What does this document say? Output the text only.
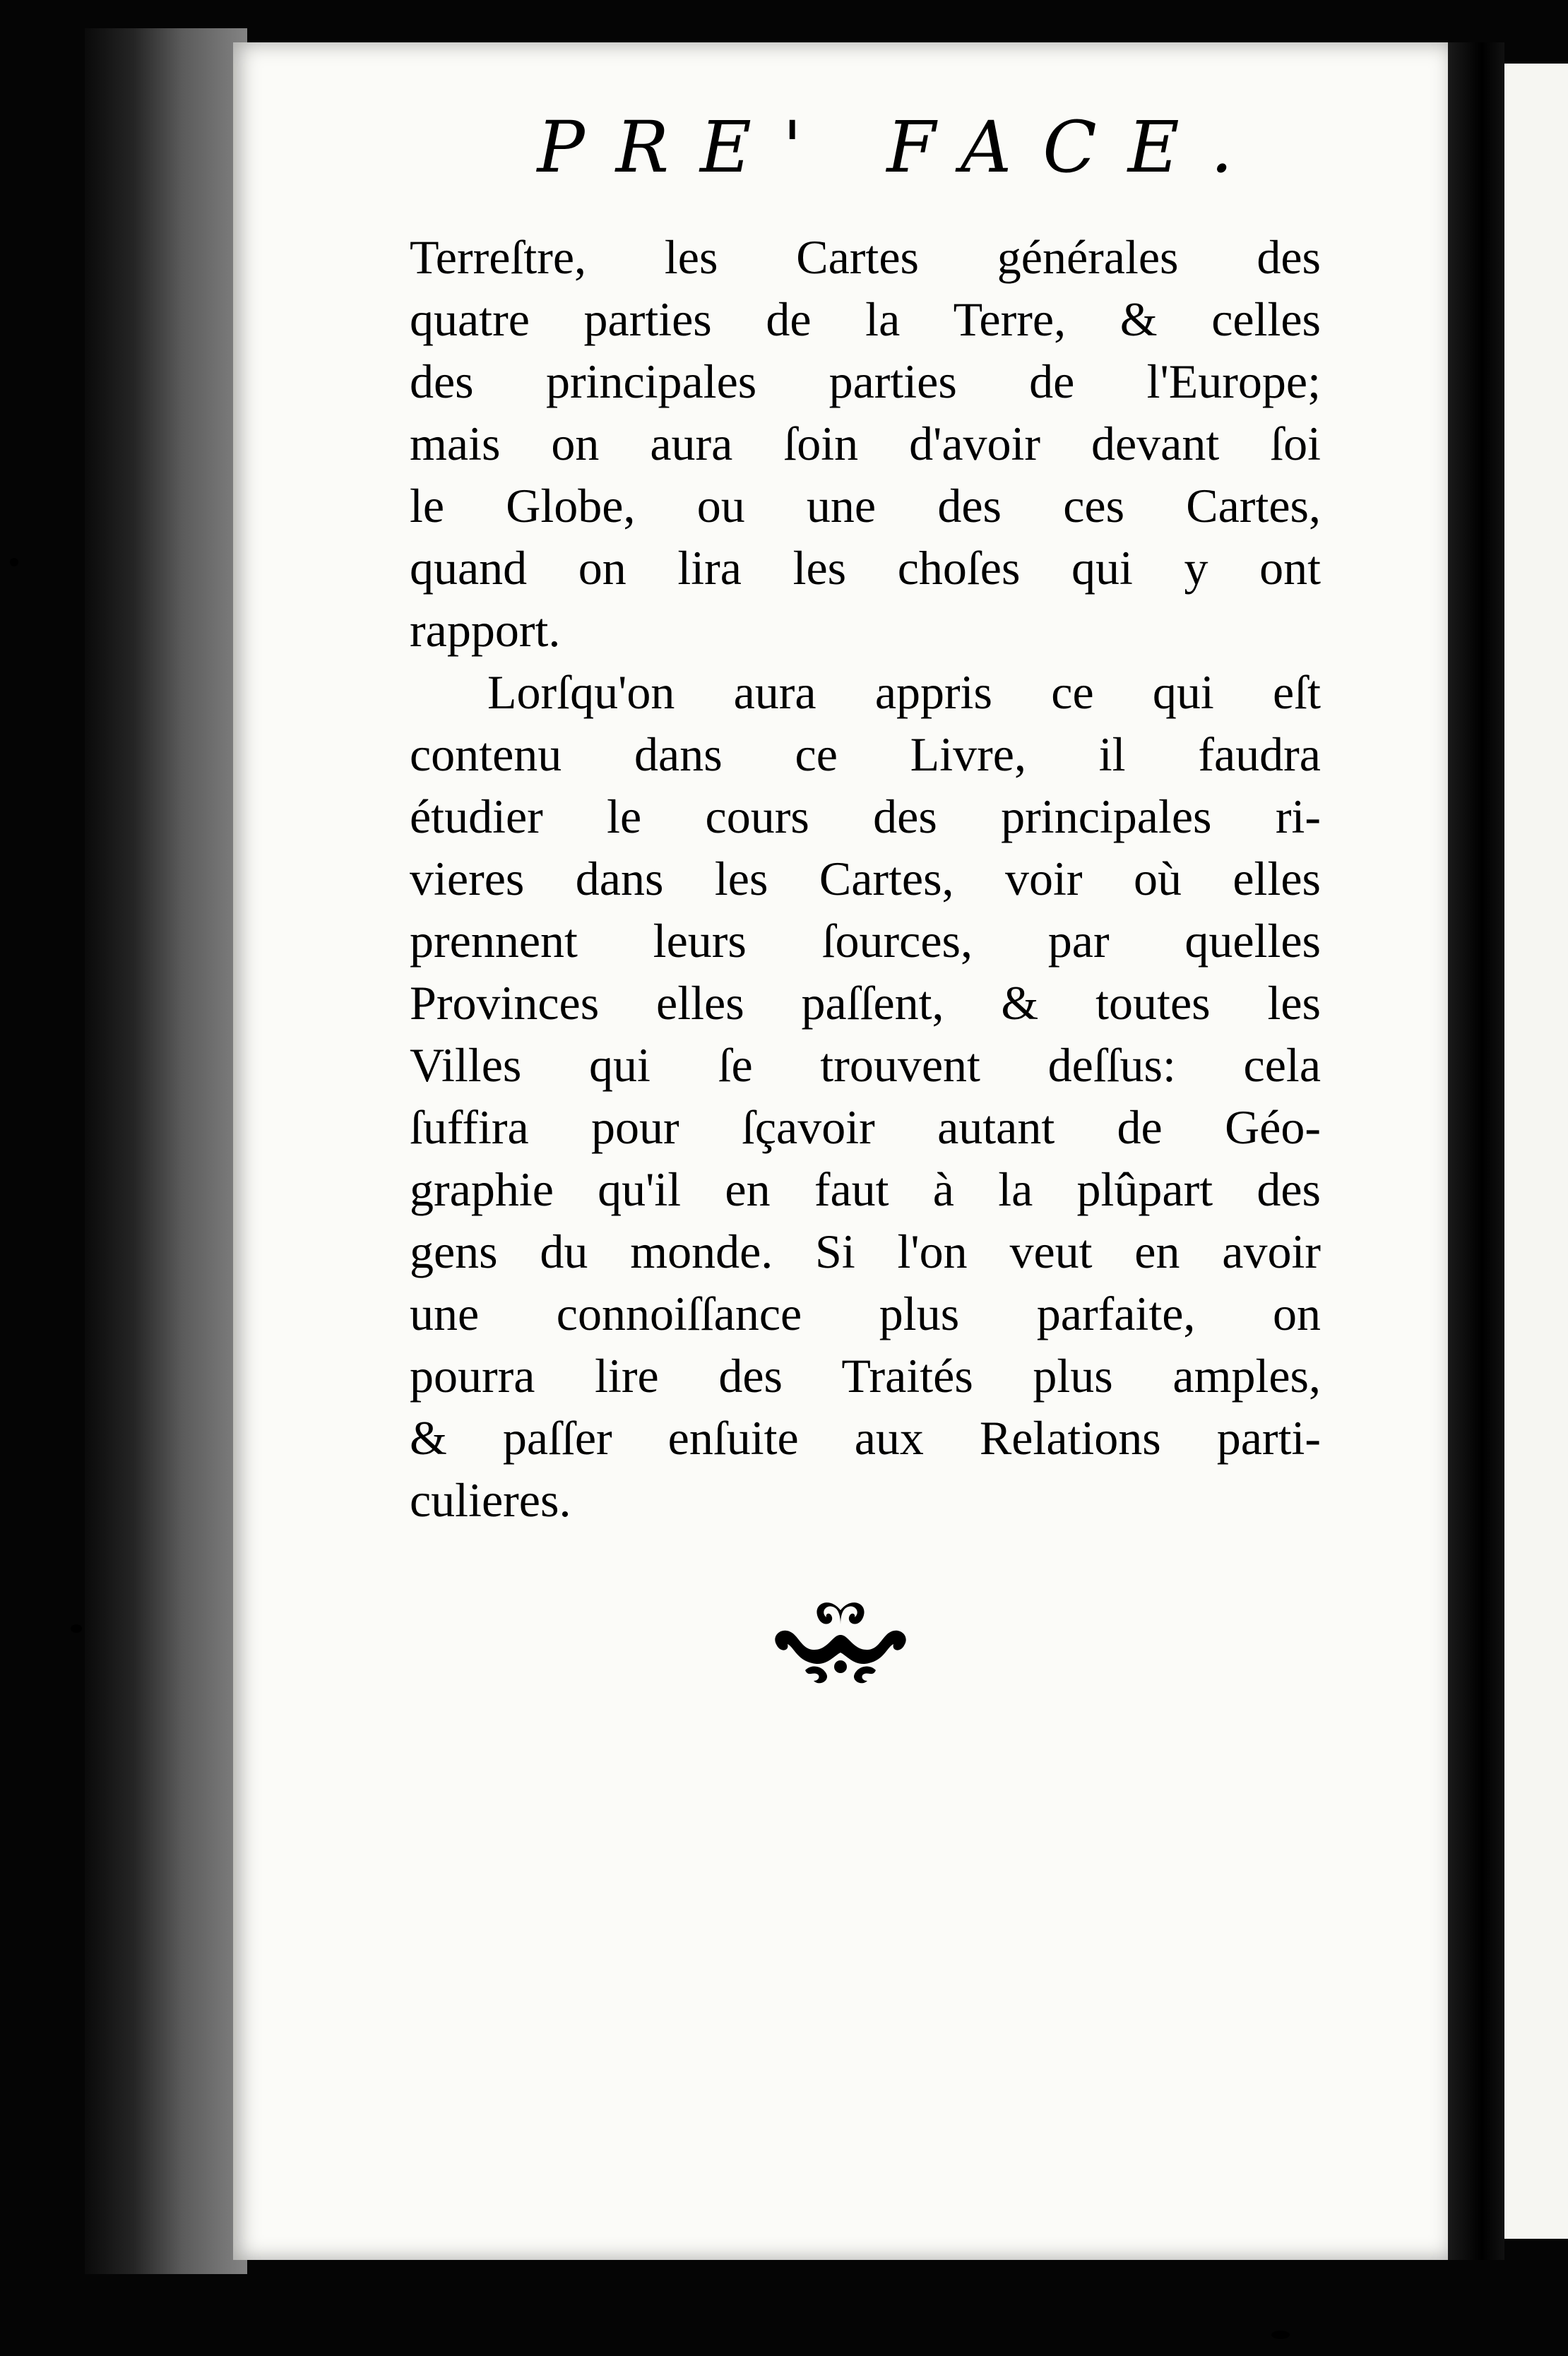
PRE' FACE.
Terreſtre, les Cartes générales des
quatre parties de la Terre, & celles
des principales parties de l'Europe;
mais on aura ſoin d'avoir devant ſoi
le Globe, ou une des ces Cartes,
quand on lira les choſes qui y ont
rapport.
Lorſqu'on aura appris ce qui eſt
contenu dans ce Livre, il faudra
étudier le cours des principales ri-
vieres dans les Cartes, voir où elles
prennent leurs ſources, par quelles
Provinces elles paſſent, & toutes les
Villes qui ſe trouvent deſſus: cela
ſuffira pour ſçavoir autant de Géo-
graphie qu'il en faut à la plûpart des
gens du monde. Si l'on veut en avoir
une connoiſſance plus parfaite, on
pourra lire des Traités plus amples,
& paſſer enſuite aux Relations parti-
culieres.
